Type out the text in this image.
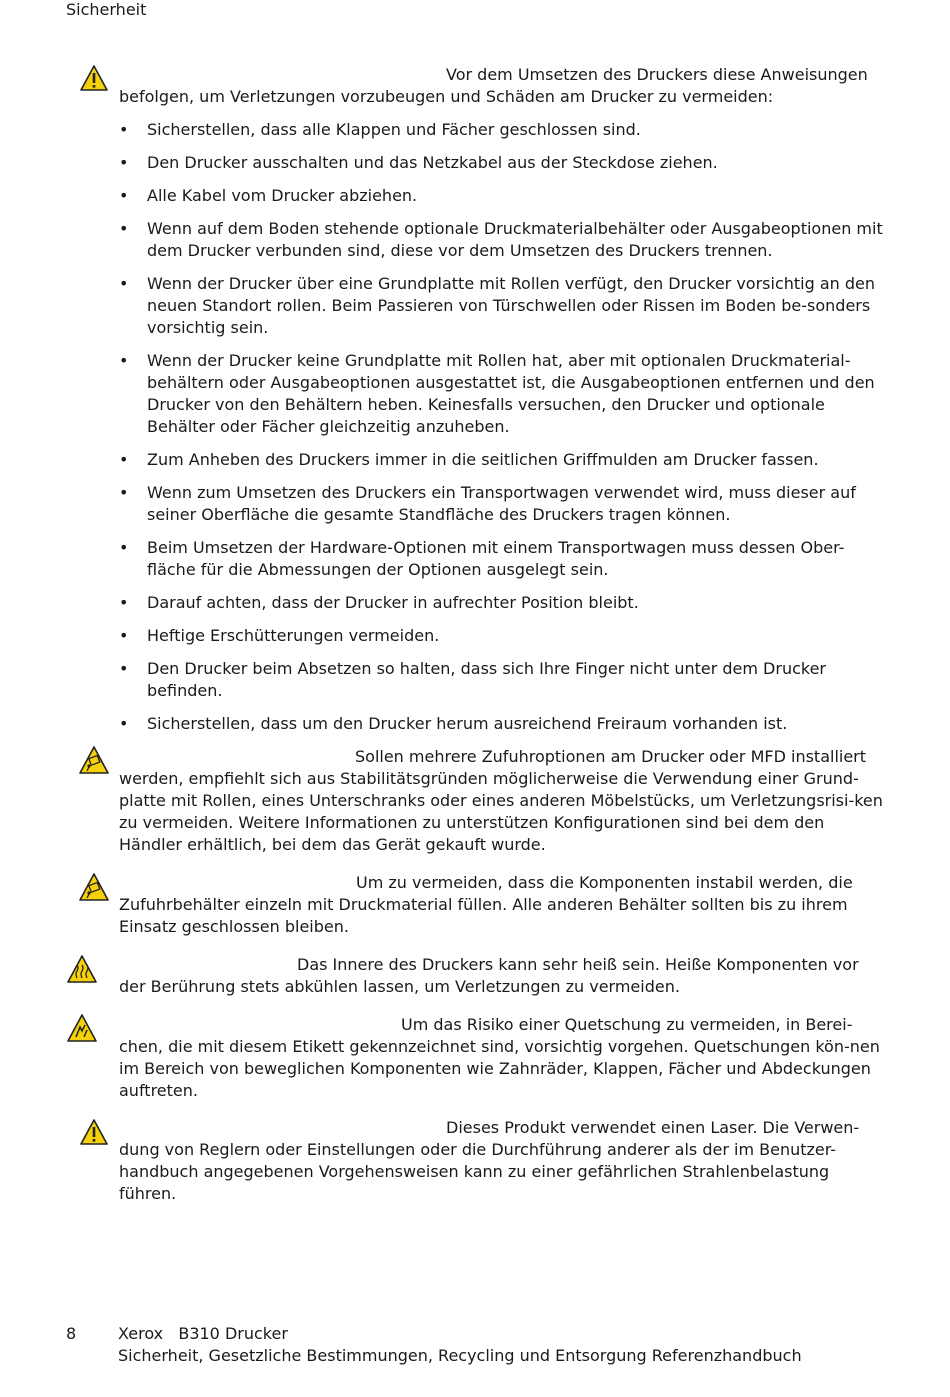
Sicherheit

Vor dem Umsetzen des Druckers diese Anweisungen

befolgen, um Verletzungen vorzubeugen und Schäden am Drucker zu vermeiden:

• Sicherstellen, dass alle Klappen und Fächer geschlossen sind.
• Den Drucker ausschalten und das Netzkabel aus der Steckdose ziehen.
• Alle Kabel vom Drucker abziehen.
• Wenn auf dem Boden stehende optionale Druckmaterialbehälter oder Ausgabeoptionen mit dem Drucker verbunden sind, diese vor dem Umsetzen des Druckers trennen.
• Wenn der Drucker über eine Grundplatte mit Rollen verfügt, den Drucker vorsichtig an den neuen Standort rollen. Beim Passieren von Türschwellen oder Rissen im Boden be-sonders vorsichtig sein.
• Wenn der Drucker keine Grundplatte mit Rollen hat, aber mit optionalen Druckmaterial-behältern oder Ausgabeoptionen ausgestattet ist, die Ausgabeoptionen entfernen und den Drucker von den Behältern heben. Keinesfalls versuchen, den Drucker und optionale Behälter oder Fächer gleichzeitig anzuheben.
• Zum Anheben des Druckers immer in die seitlichen Griffmulden am Drucker fassen.
• Wenn zum Umsetzen des Druckers ein Transportwagen verwendet wird, muss dieser auf seiner Oberfläche die gesamte Standfläche des Druckers tragen können.
• Beim Umsetzen der Hardware-Optionen mit einem Transportwagen muss dessen Ober-fläche für die Abmessungen der Optionen ausgelegt sein.
• Darauf achten, dass der Drucker in aufrechter Position bleibt.
• Heftige Erschütterungen vermeiden.
• Den Drucker beim Absetzen so halten, dass sich Ihre Finger nicht unter dem Drucker befinden.
• Sicherstellen, dass um den Drucker herum ausreichend Freiraum vorhanden ist.

Sollen mehrere Zufuhroptionen am Drucker oder MFD installiert

werden, empfiehlt sich aus Stabilitätsgründen möglicherweise die Verwendung einer Grund-platte mit Rollen, eines Unterschranks oder eines anderen Möbelstücks, um Verletzungsrisi-ken zu vermeiden. Weitere Informationen zu unterstützen Konfigurationen sind bei dem den Händler erhältlich, bei dem das Gerät gekauft wurde.

Um zu vermeiden, dass die Komponenten instabil werden, die

Zufuhrbehälter einzeln mit Druckmaterial füllen. Alle anderen Behälter sollten bis zu ihrem Einsatz geschlossen bleiben.

Das Innere des Druckers kann sehr heiß sein. Heiße Komponenten vor

der Berührung stets abkühlen lassen, um Verletzungen zu vermeiden.

Um das Risiko einer Quetschung zu vermeiden, in Berei-

chen, die mit diesem Etikett gekennzeichnet sind, vorsichtig vorgehen. Quetschungen kön-nen im Bereich von beweglichen Komponenten wie Zahnräder, Klappen, Fächer und Abdeckungen auftreten.

Dieses Produkt verwendet einen Laser. Die Verwen-

dung von Reglern oder Einstellungen oder die Durchführung anderer als der im Benutzer-handbuch angegebenen Vorgehensweisen kann zu einer gefährlichen Strahlenbelastung führen.

8	Xerox   B310 Drucker
Sicherheit, Gesetzliche Bestimmungen, Recycling und Entsorgung Referenzhandbuch
